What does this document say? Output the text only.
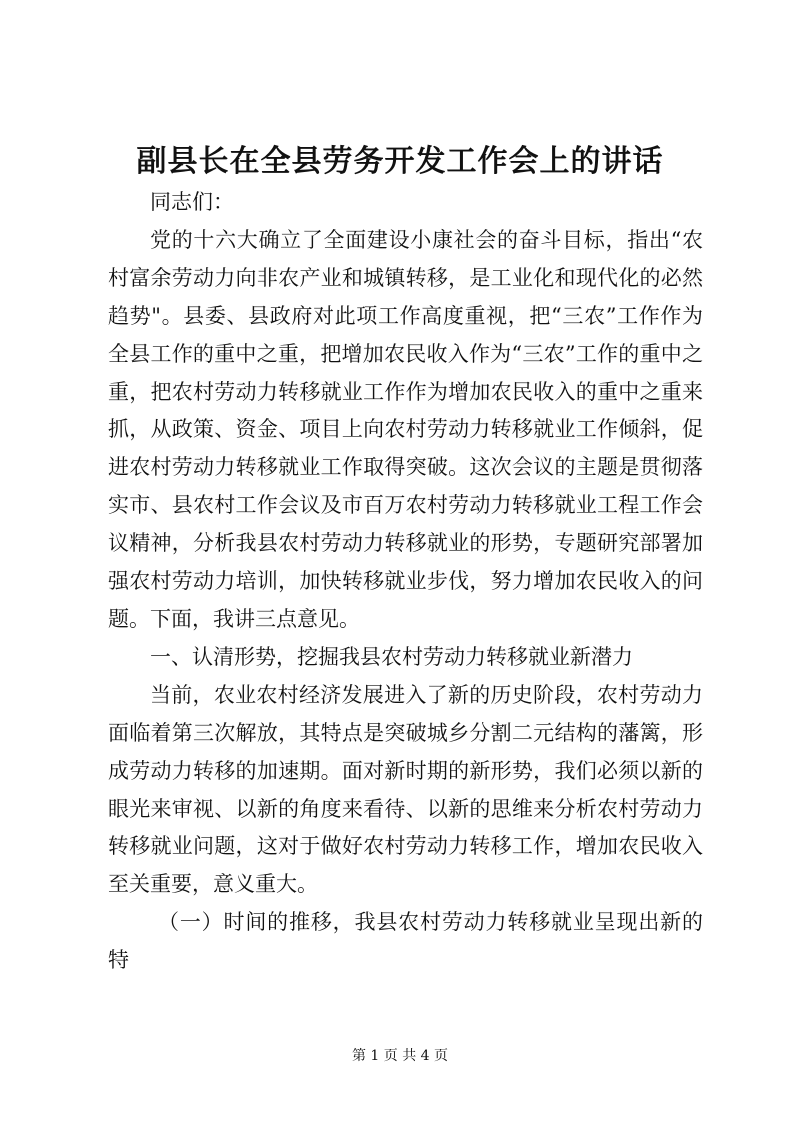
副县长在全县劳务开发工作会上的讲话

同志们：

党的十六大确立了全面建设小康社会的奋斗目标，指出“农村富余劳动力向非农产业和城镇转移，是工业化和现代化的必然趋势"。县委、县政府对此项工作高度重视，把“三农”工作作为全县工作的重中之重，把增加农民收入作为“三农”工作的重中之重，把农村劳动力转移就业工作作为增加农民收入的重中之重来抓，从政策、资金、项目上向农村劳动力转移就业工作倾斜，促进农村劳动力转移就业工作取得突破。这次会议的主题是贯彻落实市、县农村工作会议及市百万农村劳动力转移就业工程工作会议精神，分析我县农村劳动力转移就业的形势，专题研究部署加强农村劳动力培训，加快转移就业步伐，努力增加农民收入的问题。下面，我讲三点意见。

一、认清形势，挖掘我县农村劳动力转移就业新潜力

当前，农业农村经济发展进入了新的历史阶段，农村劳动力面临着第三次解放，其特点是突破城乡分割二元结构的藩篱，形成劳动力转移的加速期。面对新时期的新形势，我们必须以新的眼光来审视、以新的角度来看待、以新的思维来分析农村劳动力转移就业问题，这对于做好农村劳动力转移工作，增加农民收入至关重要，意义重大。

（一）时间的推移，我县农村劳动力转移就业呈现出新的特

第 1 页 共 4 页
